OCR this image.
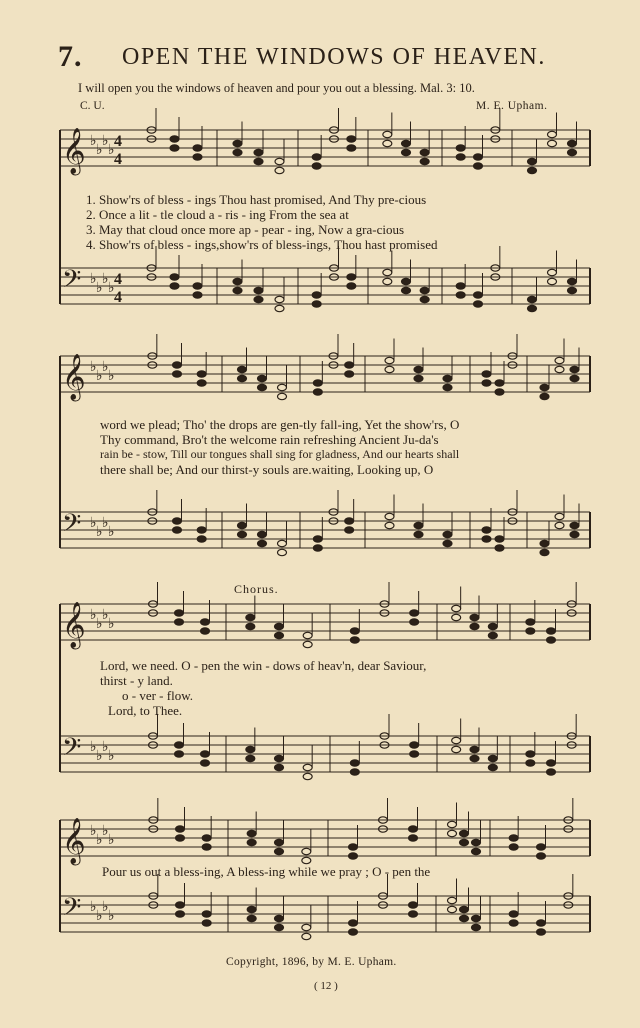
𝄞 ♭
♭
♭
♭
𝄢 ♭
♭
♭
♭
𝄞 ♭
♭
♭
♭
𝄢 ♭
♭
♭
♭
𝄞 ♭
♭
♭
♭
𝄢 ♭
♭
♭
♭
𝄞 ♭
♭
♭
♭
𝄢 ♭
♭
♭
♭
4
4
4
4
7. OPEN THE WINDOWS OF HEAVEN.
I will open you the windows of heaven and pour you out a blessing. Mal. 3: 10.
C. U.	M. E. Upham.
1. Show'rs of bless - ings Thou hast promised, And Thy pre-cious
2. Once a lit - tle cloud a - ris - ing From the sea at
3. May that cloud once more ap - pear - ing, Now a gra-cious
4. Show'rs of bless - ings,show'rs of bless-ings, Thou hast promised
word we plead; Tho' the drops are gen-tly fall-ing, Yet the show'rs, O
Thy command, Bro't the welcome rain refreshing Ancient Ju-da's
rain be - stow, Till our tongues shall sing for gladness, And our hearts shall
there shall be; And our thirst-y souls are.waiting, Looking up, O
Chorus.
Lord, we need. O - pen the win - dows of heav'n, dear Saviour,
thirst - y land.
o - ver - flow.
Lord, to Thee.
Pour us out a bless-ing, A bless-ing while we pray ; O - pen the
Copyright, 1896, by M. E. Upham.
( 12 )
